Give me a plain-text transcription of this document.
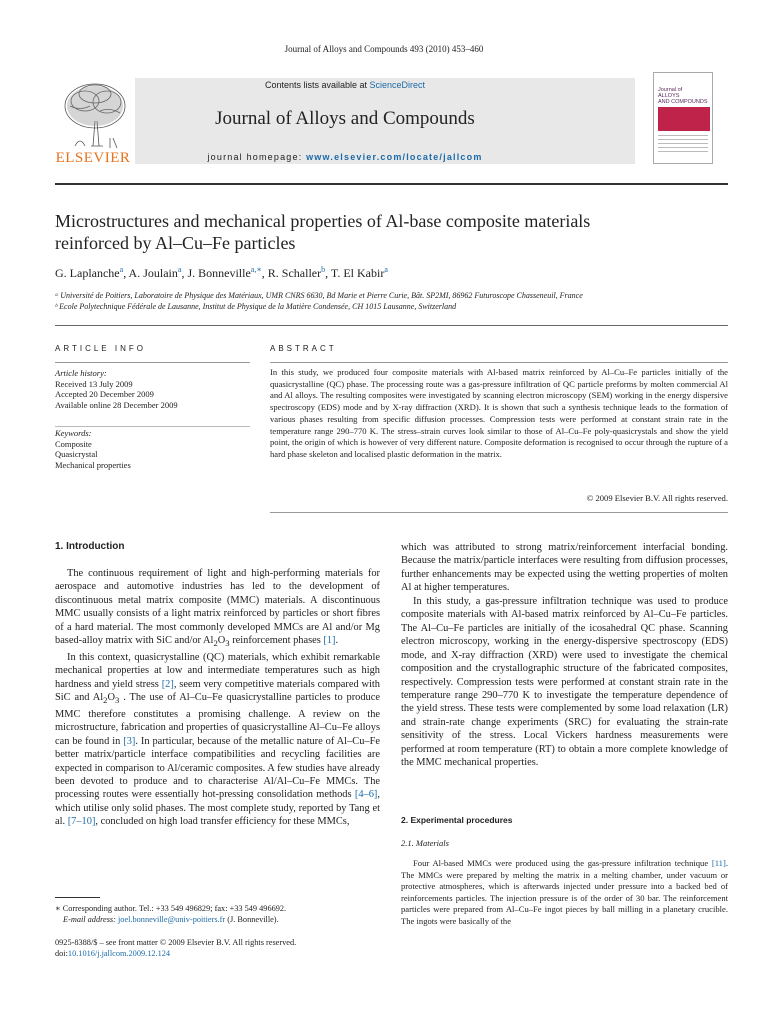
Journal of Alloys and Compounds 493 (2010) 453–460
Contents lists available at ScienceDirect
Journal of Alloys and Compounds
journal homepage: www.elsevier.com/locate/jallcom
ELSEVIER
Journal of
ALLOYS
AND COMPOUNDS
Microstructures and mechanical properties of Al-base composite materials
reinforced by Al–Cu–Fe particles
G. Laplanche$^a$, A. Joulain$^a$, J. Bonneville$^{a,∗}$, R. Schaller$^b$, T. El Kabir$^a$
ᵃ Université de Poitiers, Laboratoire de Physique des Matériaux, UMR CNRS 6630, Bd Marie et Pierre Curie, Bât. SP2MI, 86962 Futuroscope Chasseneuil, France
ᵇ Ecole Polytechnique Fédérale de Lausanne, Institut de Physique de la Matière Condensée, CH 1015 Lausanne, Switzerland
ARTICLE INFO	ABSTRACT
Article history:
Received 13 July 2009
Accepted 20 December 2009
Available online 28 December 2009
Keywords:
Composite
Quasicrystal
Mechanical properties
In this study, we produced four composite materials with Al-based matrix reinforced by Al–Cu–Fe particles initially of the quasicrystalline (QC) phase. The processing route was a gas-pressure infiltration of QC particle preforms by molten commercial Al and Al alloys. The resulting composites were investigated by scanning electron microscopy (SEM) working in the energy dispersive spectroscopy (EDS) mode and by X-ray diffraction (XRD). It is shown that such a synthesis technique leads to the formation of various phases resulting from specific diffusion processes. Compression tests were performed at constant strain rate in the temperature range 290–770 K. The stress–strain curves look similar to those of Al–Cu–Fe poly-quasicrystals and show the yield point, the origin of which is however of very different nature. Composite deformation is recognised to occur through the rupture of a hard phase skeleton and localised plastic deformation in the matrix.
© 2009 Elsevier B.V. All rights reserved.
1. Introduction

The continuous requirement of light and high-performing materials for aerospace and automotive industries has led to the development of discontinuous metal matrix composite (MMC) materials. A discontinuous MMC usually consists of a light matrix reinforced by particles or short fibres of a hard material. The most commonly developed MMCs are Al and/or Mg based-alloy matrix with SiC and/or $Al_2O_3$ reinforcement phases [1].

In this context, quasicrystalline (QC) materials, which exhibit remarkable mechanical properties at low and intermediate temperatures such as high hardness and yield stress [2], seem very competitive materials compared with SiC and $Al_2O_3$ . The use of Al–Cu–Fe quasicrystalline particles to produce MMC therefore constitutes a promising challenge. A review on the microstructure, fabrication and properties of quasicrystalline Al–Cu–Fe alloys can be found in [3]. In particular, because of the metallic nature of Al–Cu–Fe better matrix/particle interface compatibilities and recycling facilities are expected in comparison to Al/ceramic composites. A few studies have already been devoted to produce and to characterise Al/Al–Cu–Fe MMCs. The processing routes were essentially hot-pressing consolidation methods [4–6], which utilise only solid phases. The most complete study, reported by Tang et al. [7–10], concluded on high load transfer efficiency for these MMCs,

which was attributed to strong matrix/reinforcement interfacial bonding. Because the matrix/particle interfaces were resulting from diffusion processes, further enhancements may be expected using the wetting properties of molten Al at higher temperatures.

In this study, a gas-pressure infiltration technique was used to produce composite materials with Al-based matrix reinforced by Al–Cu–Fe particles. The Al–Cu–Fe particles are initially of the icosahedral QC phase. Scanning electron microscopy, working in the energy-dispersive spectroscopy (EDS) mode, and X-ray diffraction (XRD) were used to investigate the chemical composition and the crystallographic structure of the fabricated composites, respectively. Compression tests were performed at constant strain rate in the temperature range 290–770 K to investigate the temperature dependence of the yield stress. These tests were complemented by some load relaxation (LR) and strain-rate change experiments (SRC) for evaluating the strain-rate sensitivity of the stress. Local Vickers hardness measurements were performed at room temperature (RT) to obtain a more complete knowledge of the MMC mechanical properties.

2. Experimental procedures
2.1. Materials

Four Al-based MMCs were produced using the gas-pressure infiltration technique [11]. The MMCs were prepared by melting the matrix in a melting chamber, under vacuum or protective atmospheres, which is afterwards injected under pressure into a backed bed of reinforcements particles. The injection pressure is of the order of 30 bar. The reinforcement particles were prepared from Al–Cu–Fe ingot pieces by ball milling in a planetary crucible. The ingots were basically of the

∗ Corresponding author. Tel.: +33 549 496829; fax: +33 549 496692.
E-mail address: joel.bonneville@univ-poitiers.fr (J. Bonneville).
0925-8388/$ – see front matter © 2009 Elsevier B.V. All rights reserved.
doi:10.1016/j.jallcom.2009.12.124
